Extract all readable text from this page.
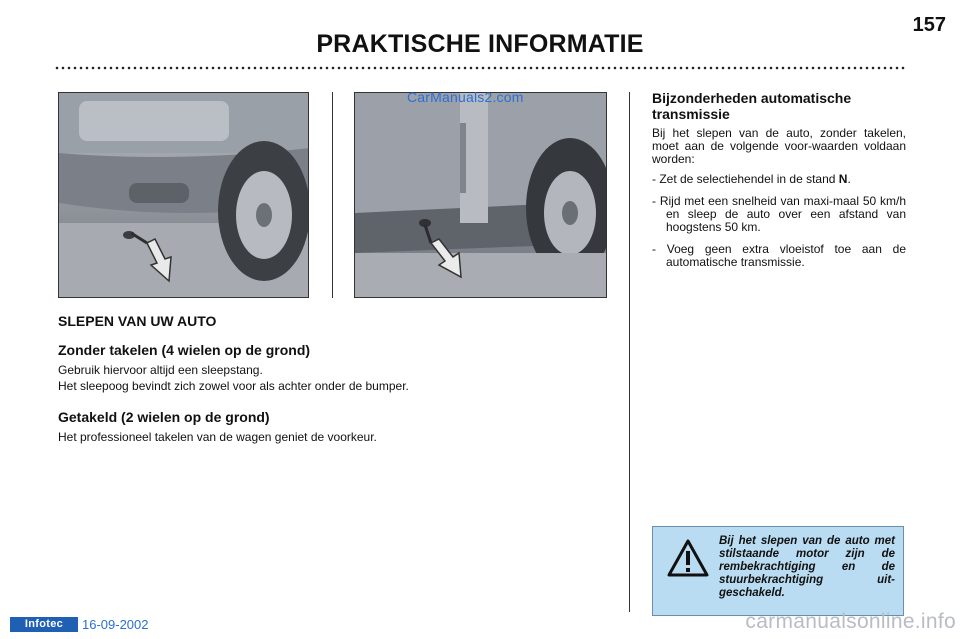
157
PRAKTISCHE INFORMATIE
CarManuals2.com
SLEPEN VAN UW AUTO
Zonder takelen (4 wielen op de grond)
Gebruik hiervoor altijd een sleepstang.
Het sleepoog bevindt zich zowel voor als achter onder de bumper.
Getakeld (2 wielen op de grond)
Het professioneel takelen van de wagen geniet de voorkeur.
Bijzonderheden automatische transmissie
Bij het slepen van de auto, zonder takelen, moet aan de volgende voor-waarden voldaan worden:
- Zet de selectiehendel in de stand N.
- Rijd met een snelheid van maxi-maal 50 km/h en sleep de auto over een afstand van hoogstens 50 km.
- Voeg geen extra vloeistof toe aan de automatische transmissie.
Bij het slepen van de auto met stilstaande motor zijn de rembekrachtiging en de stuurbekrachtiging uit-geschakeld.
Infotec	16-09-2002	carmanualsonline.info
